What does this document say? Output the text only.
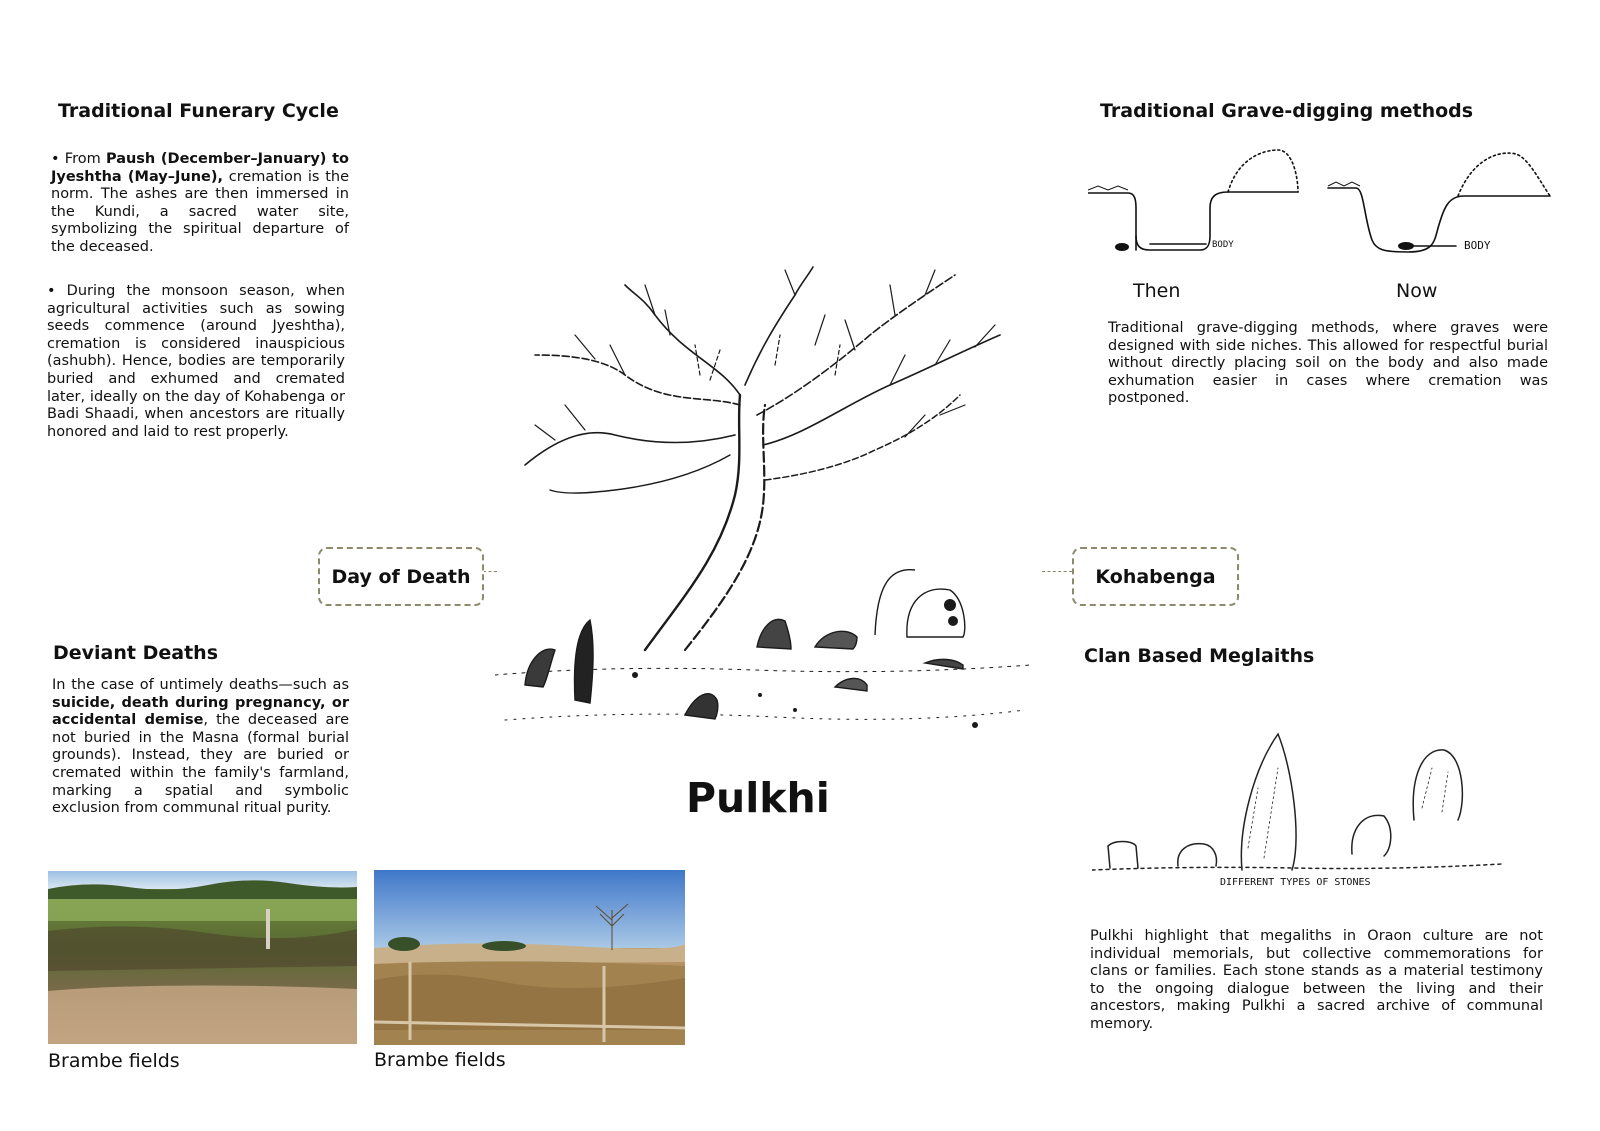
Traditional Funerary Cycle
• From Paush (December–January) to Jyeshtha (May–June), cremation is the norm. The ashes are then immersed in the Kundi, a sacred water site, symbolizing the spiritual departure of the deceased.
• During the monsoon season, when agricultural activities such as sowing seeds commence (around Jyeshtha), cremation is considered inauspicious (ashubh). Hence, bodies are temporarily buried and exhumed and cremated later, ideally on the day of Kohabenga or Badi Shaadi, when ancestors are ritually honored and laid to rest properly.
Deviant Deaths
In the case of untimely deaths—such as suicide, death during pregnancy, or accidental demise, the deceased are not buried in the Masna (formal burial grounds). Instead, they are buried or cremated within the family's farmland, marking a spatial and symbolic exclusion from communal ritual purity.
Brambe fields	Brambe fields
Day of Death	Kohabenga
Pulkhi
Traditional Grave-digging methods
BODY	BODY
Then	Now
Traditional grave-digging methods, where graves were designed with side niches. This allowed for respectful burial without directly placing soil on the body and also made exhumation easier in cases where cremation was postponed.
Clan Based Meglaiths
DIFFERENT TYPES OF STONES
Pulkhi highlight that megaliths in Oraon culture are not individual memorials, but collective commemorations for clans or families. Each stone stands as a material testimony to the ongoing dialogue between the living and their ancestors, making Pulkhi a sacred archive of communal memory.
